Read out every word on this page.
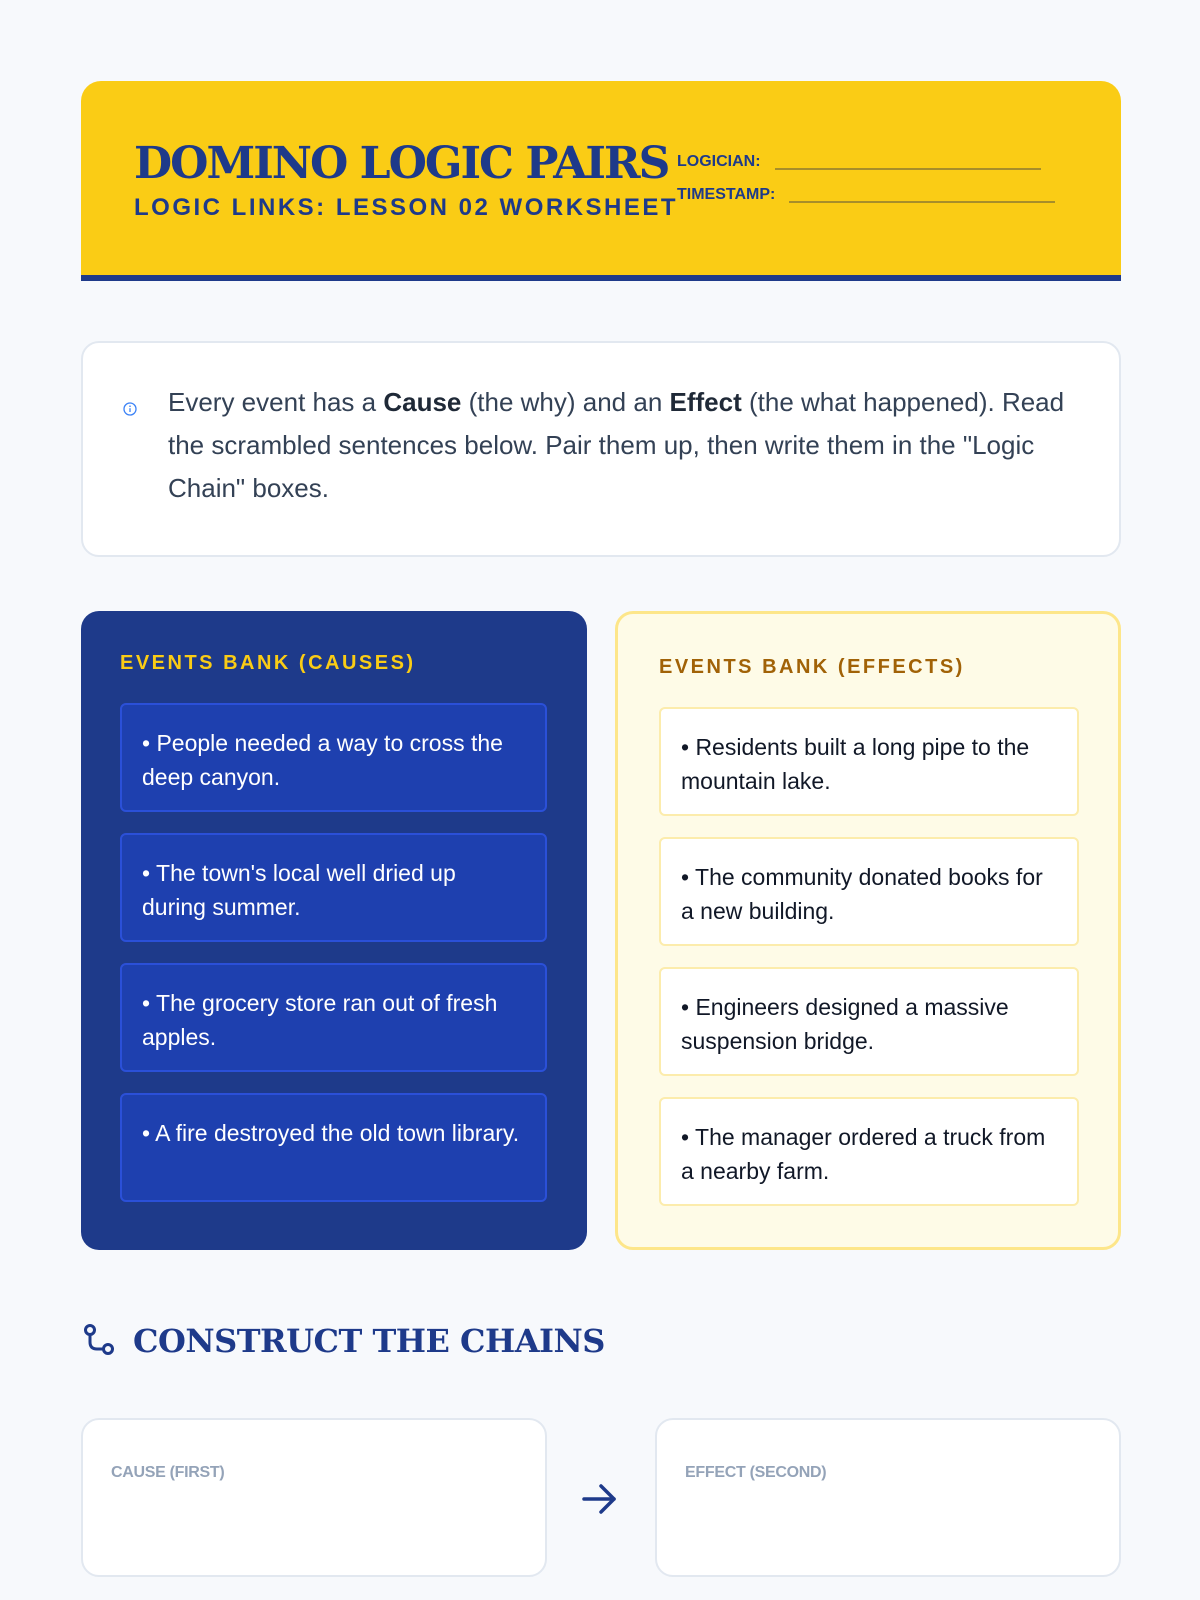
DOMINO LOGIC PAIRS
LOGIC LINKS: LESSON 02 WORKSHEET
LOGICIAN:
TIMESTAMP:

Every event has a Cause (the why) and an Effect (the what happened). Read the scrambled sentences below. Pair them up, then write them in the "Logic Chain" boxes.

EVENTS BANK (CAUSES)
• People needed a way to cross the deep canyon.
• The town's local well dried up during summer.
• The grocery store ran out of fresh apples.
• A fire destroyed the old town library.
EVENTS BANK (EFFECTS)
• Residents built a long pipe to the mountain lake.
• The community donated books for a new building.
• Engineers designed a massive suspension bridge.
• The manager ordered a truck from a nearby farm.
CONSTRUCT THE CHAINS
CAUSE (FIRST)	EFFECT (SECOND)
